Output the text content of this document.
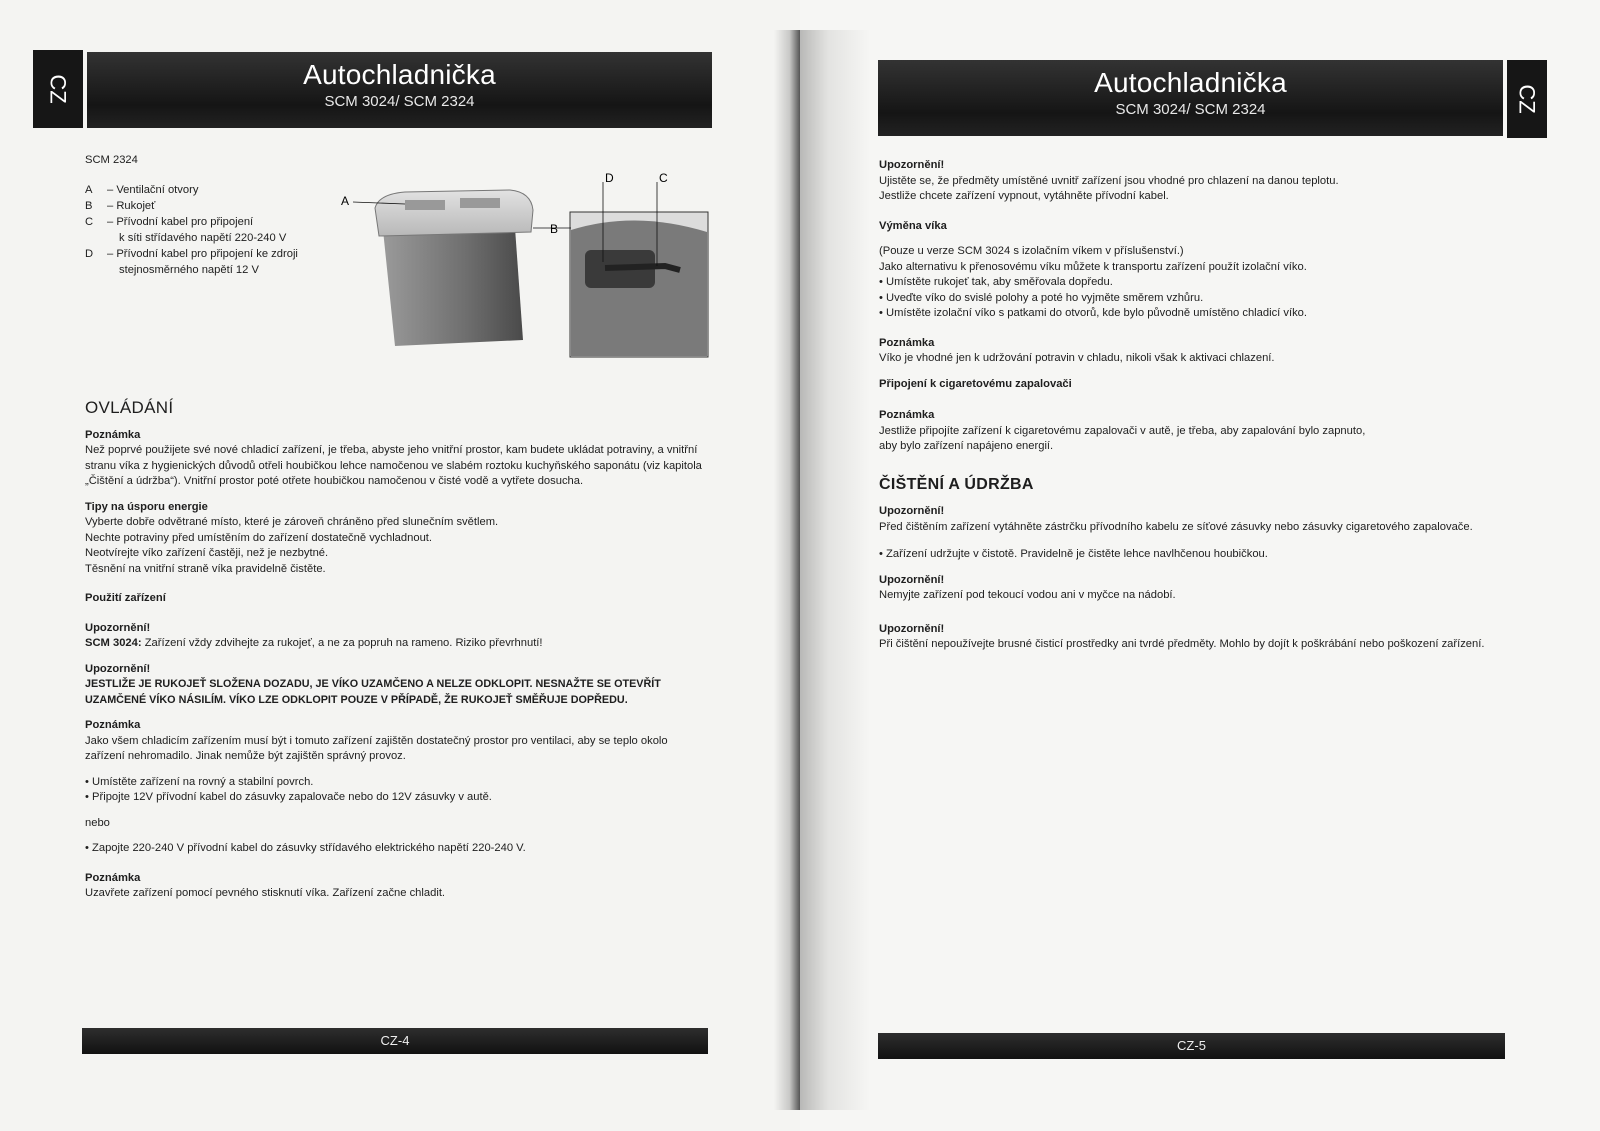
CZ	Autochladnička
SCM 3024/ SCM 2324
SCM 2324
A	– Ventilační otvory
B	– Rukojeť
C	– Přívodní kabel pro připojení
k síti střídavého napětí 220-240 V
D	– Přívodní kabel pro připojení ke zdroji
stejnosměrného napětí 12 V
A
B
D	C

OVLÁDÁNÍ

Poznámka

Než poprvé použijete své nové chladicí zařízení, je třeba, abyste jeho vnitřní prostor, kam budete ukládat potraviny, a vnitřní stranu víka z hygienických důvodů otřeli houbičkou lehce namočenou ve slabém roztoku kuchyňského saponátu (viz kapitola „Čištění a údržba“). Vnitřní prostor poté otřete houbičkou namočenou v čisté vodě a vytřete dosucha.

Tipy na úsporu energie

Vyberte dobře odvětrané místo, které je zároveň chráněno před slunečním světlem.

Nechte potraviny před umístěním do zařízení dostatečně vychladnout.

Neotvírejte víko zařízení častěji, než je nezbytné.

Těsnění na vnitřní straně víka pravidelně čistěte.

Použití zařízení

Upozornění!

SCM 3024: Zařízení vždy zdvihejte za rukojeť, a ne za popruh na rameno. Riziko převrhnutí!

Upozornění!

JESTLIŽE JE RUKOJEŤ SLOŽENA DOZADU, JE VÍKO UZAMČENO A NELZE ODKLOPIT. NESNAŽTE SE OTEVŘÍT UZAMČENÉ VÍKO NÁSILÍM. VÍKO LZE ODKLOPIT POUZE V PŘÍPADĚ, ŽE RUKOJEŤ SMĚŘUJE DOPŘEDU.

Poznámka

Jako všem chladicím zařízením musí být i tomuto zařízení zajištěn dostatečný prostor pro ventilaci, aby se teplo okolo zařízení nehromadilo. Jinak nemůže být zajištěn správný provoz.

• Umístěte zařízení na rovný a stabilní povrch.

• Připojte 12V přívodní kabel do zásuvky zapalovače nebo do 12V zásuvky v autě.

nebo

• Zapojte 220-240 V přívodní kabel do zásuvky střídavého elektrického napětí 220-240 V.

Poznámka

Uzavřete zařízení pomocí pevného stisknutí víka. Zařízení začne chladit.

CZ-4
Autochladnička
SCM 3024/ SCM 2324	CZ

Upozornění!

Ujistěte se, že předměty umístěné uvnitř zařízení jsou vhodné pro chlazení na danou teplotu.

Jestliže chcete zařízení vypnout, vytáhněte přívodní kabel.

Výměna víka

(Pouze u verze SCM 3024 s izolačním víkem v příslušenství.)

Jako alternativu k přenosovému víku můžete k transportu zařízení použít izolační víko.

• Umístěte rukojeť tak, aby směřovala dopředu.

• Uveďte víko do svislé polohy a poté ho vyjměte směrem vzhůru.

• Umístěte izolační víko s patkami do otvorů, kde bylo původně umístěno chladicí víko.

Poznámka

Víko je vhodné jen k udržování potravin v chladu, nikoli však k aktivaci chlazení.

Připojení k cigaretovému zapalovači

Poznámka

Jestliže připojíte zařízení k cigaretovému zapalovači v autě, je třeba, aby zapalování bylo zapnuto, aby bylo zařízení napájeno energií.

ČIŠTĚNÍ A ÚDRŽBA

Upozornění!

Před čištěním zařízení vytáhněte zástrčku přívodního kabelu ze síťové zásuvky nebo zásuvky cigaretového zapalovače.

• Zařízení udržujte v čistotě. Pravidelně je čistěte lehce navlhčenou houbičkou.

Upozornění!

Nemyjte zařízení pod tekoucí vodou ani v myčce na nádobí.

Upozornění!

Při čištění nepoužívejte brusné čisticí prostředky ani tvrdé předměty. Mohlo by dojít k poškrábání nebo poškození zařízení.

CZ-5
